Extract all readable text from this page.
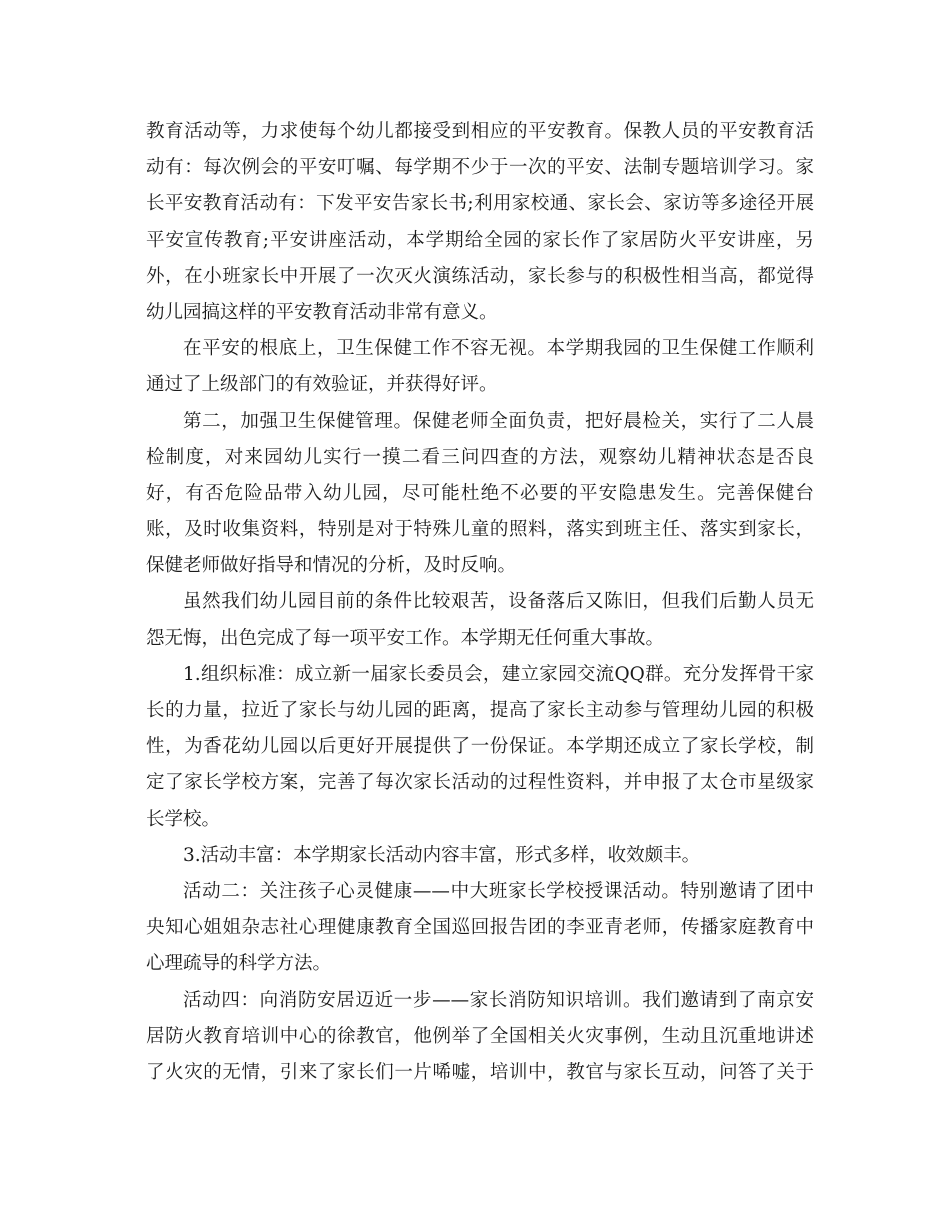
教育活动等，力求使每个幼儿都接受到相应的平安教育。保教人员的平安教育活
动有：每次例会的平安叮嘱、每学期不少于一次的平安、法制专题培训学习。家
长平安教育活动有：下发平安告家长书;利用家校通、家长会、家访等多途径开展
平安宣传教育;平安讲座活动，本学期给全园的家长作了家居防火平安讲座，另
外，在小班家长中开展了一次灭火演练活动，家长参与的积极性相当高，都觉得
幼儿园搞这样的平安教育活动非常有意义。
在平安的根底上，卫生保健工作不容无视。本学期我园的卫生保健工作顺利
通过了上级部门的有效验证，并获得好评。
第二，加强卫生保健管理。保健老师全面负责，把好晨检关，实行了二人晨
检制度，对来园幼儿实行一摸二看三问四查的方法，观察幼儿精神状态是否良
好，有否危险品带入幼儿园，尽可能杜绝不必要的平安隐患发生。完善保健台
账，及时收集资料，特别是对于特殊儿童的照料，落实到班主任、落实到家长，
保健老师做好指导和情况的分析，及时反响。
虽然我们幼儿园目前的条件比较艰苦，设备落后又陈旧，但我们后勤人员无
怨无悔，出色完成了每一项平安工作。本学期无任何重大事故。
1.组织标准：成立新一届家长委员会，建立家园交流QQ群。充分发挥骨干家
长的力量，拉近了家长与幼儿园的距离，提高了家长主动参与管理幼儿园的积极
性，为香花幼儿园以后更好开展提供了一份保证。本学期还成立了家长学校，制
定了家长学校方案，完善了每次家长活动的过程性资料，并申报了太仓市星级家
长学校。
3.活动丰富：本学期家长活动内容丰富，形式多样，收效颇丰。
活动二：关注孩子心灵健康——中大班家长学校授课活动。特别邀请了团中
央知心姐姐杂志社心理健康教育全国巡回报告团的李亚青老师，传播家庭教育中
心理疏导的科学方法。
活动四：向消防安居迈近一步——家长消防知识培训。我们邀请到了南京安
居防火教育培训中心的徐教官，他例举了全国相关火灾事例，生动且沉重地讲述
了火灾的无情，引来了家长们一片唏嘘，培训中，教官与家长互动，问答了关于
